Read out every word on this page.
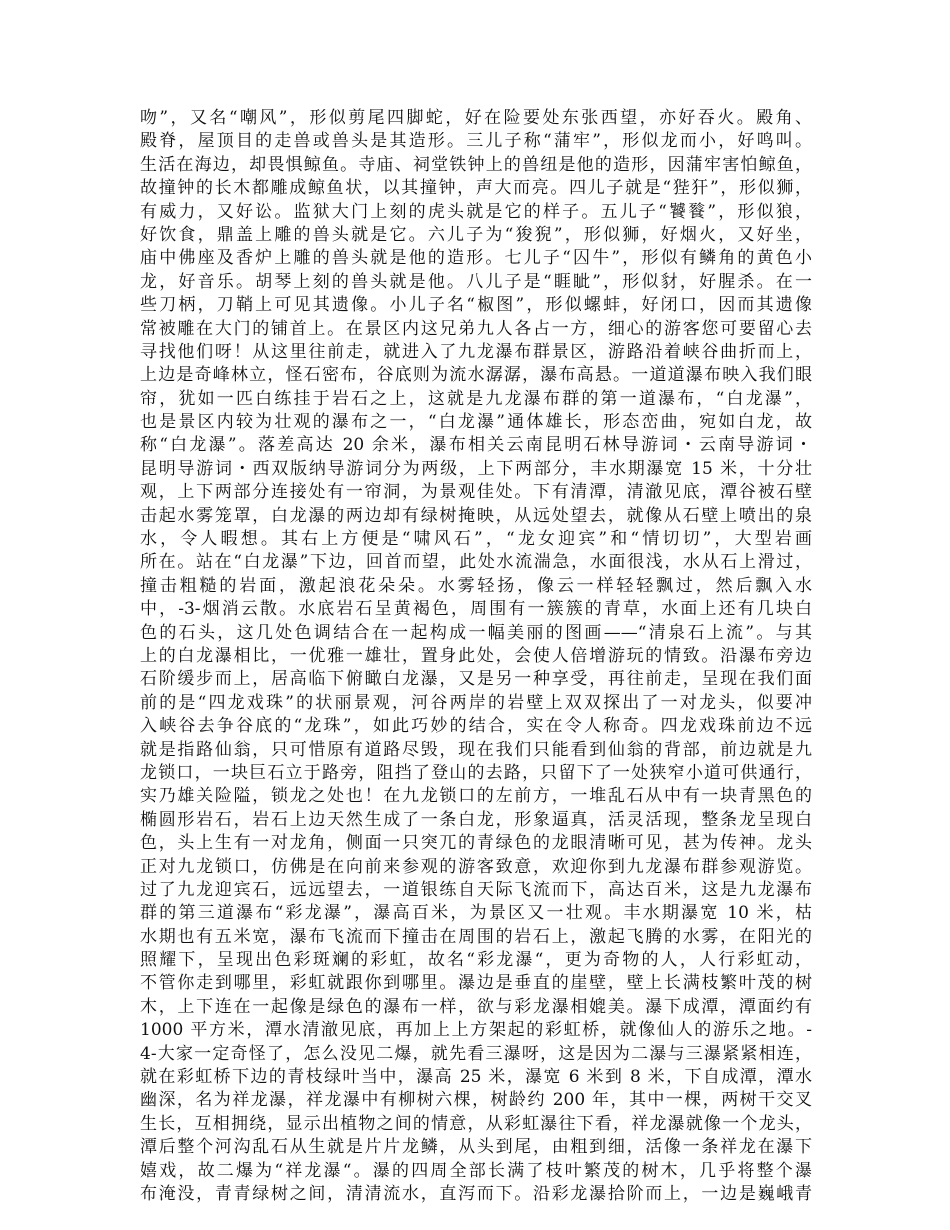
吻”，又名“嘲风”，形似剪尾四脚蛇，好在险要处东张西望，亦好吞火。殿角、
殿脊，屋顶目的走兽或兽头是其造形。三儿子称“蒲牢”，形似龙而小，好鸣叫。
生活在海边，却畏惧鲸鱼。寺庙、祠堂铁钟上的兽纽是他的造形，因蒲牢害怕鲸鱼，
故撞钟的长木都雕成鲸鱼状，以其撞钟，声大而亮。四儿子就是“狴犴”，形似狮，
有威力，又好讼。监狱大门上刻的虎头就是它的样子。五儿子“饕餮”，形似狼，
好饮食，鼎盖上雕的兽头就是它。六儿子为“狻猊”，形似狮，好烟火，又好坐，
庙中佛座及香炉上雕的兽头就是他的造形。七儿子“囚牛”，形似有鳞角的黄色小
龙，好音乐。胡琴上刻的兽头就是他。八儿子是“睚眦”，形似豺，好腥杀。在一
些刀柄，刀鞘上可见其遗像。小儿子名“椒图”，形似螺蚌，好闭口，因而其遗像
常被雕在大门的铺首上。在景区内这兄弟九人各占一方，细心的游客您可要留心去
寻找他们呀！从这里往前走，就进入了九龙瀑布群景区，游路沿着峡谷曲折而上，
上边是奇峰林立，怪石密布，谷底则为流水潺潺，瀑布高悬。一道道瀑布映入我们眼
帘，犹如一匹白练挂于岩石之上，这就是九龙瀑布群的第一道瀑布，“白龙瀑”，
也是景区内较为壮观的瀑布之一，“白龙瀑”通体雄长，形态峦曲，宛如白龙，故
称“白龙瀑”。落差高达 20 余米，瀑布相关云南昆明石林导游词・云南导游词・
昆明导游词・西双版纳导游词分为两级，上下两部分，丰水期瀑宽 15 米，十分壮
观，上下两部分连接处有一帘洞，为景观佳处。下有清潭，清澈见底，潭谷被石壁
击起水雾笼罩，白龙瀑的两边却有绿树掩映，从远处望去，就像从石壁上喷出的泉
水，令人暇想。其右上方便是“啸风石”，“龙女迎宾”和“情切切”，大型岩画
所在。站在“白龙瀑”下边，回首而望，此处水流湍急，水面很浅，水从石上滑过，
撞击粗糙的岩面，激起浪花朵朵。水雾轻扬，像云一样轻轻飘过，然后飘入水
中，-3-烟消云散。水底岩石呈黄褐色，周围有一簇簇的青草，水面上还有几块白
色的石头，这几处色调结合在一起构成一幅美丽的图画——“清泉石上流”。与其
上的白龙瀑相比，一优雅一雄壮，置身此处，会使人倍增游玩的情致。沿瀑布旁边
石阶缓步而上，居高临下俯瞰白龙瀑，又是另一种享受，再往前走，呈现在我们面
前的是“四龙戏珠”的状丽景观，河谷两岸的岩壁上双双探出了一对龙头，似要冲
入峡谷去争谷底的“龙珠”，如此巧妙的结合，实在令人称奇。四龙戏珠前边不远
就是指路仙翁，只可惜原有道路尽毁，现在我们只能看到仙翁的背部，前边就是九
龙锁口，一块巨石立于路旁，阻挡了登山的去路，只留下了一处狭窄小道可供通行，
实乃雄关险隘，锁龙之处也！在九龙锁口的左前方，一堆乱石从中有一块青黑色的
椭圆形岩石，岩石上边天然生成了一条白龙，形象逼真，活灵活现，整条龙呈现白
色，头上生有一对龙角，侧面一只突兀的青绿色的龙眼清晰可见，甚为传神。龙头
正对九龙锁口，仿佛是在向前来参观的游客致意，欢迎你到九龙瀑布群参观游览。
过了九龙迎宾石，远远望去，一道银练自天际飞流而下，高达百米，这是九龙瀑布
群的第三道瀑布“彩龙瀑”，瀑高百米，为景区又一壮观。丰水期瀑宽 10 米，枯
水期也有五米宽，瀑布飞流而下撞击在周围的岩石上，激起飞腾的水雾，在阳光的
照耀下，呈现出色彩斑斓的彩虹，故名“彩龙瀑“，更为奇物的人，人行彩虹动，
不管你走到哪里，彩虹就跟你到哪里。瀑边是垂直的崖壁，壁上长满枝繁叶茂的树
木，上下连在一起像是绿色的瀑布一样，欲与彩龙瀑相媲美。瀑下成潭，潭面约有
1000 平方米，潭水清澈见底，再加上上方架起的彩虹桥，就像仙人的游乐之地。-
4-大家一定奇怪了，怎么没见二爆，就先看三瀑呀，这是因为二瀑与三瀑紧紧相连，
就在彩虹桥下边的青枝绿叶当中，瀑高 25 米，瀑宽 6 米到 8 米，下自成潭，潭水
幽深，名为祥龙瀑，祥龙瀑中有柳树六棵，树龄约 200 年，其中一棵，两树干交叉
生长，互相拥绕，显示出植物之间的情意，从彩虹瀑往下看，祥龙瀑就像一个龙头，
潭后整个河沟乱石从生就是片片龙鳞，从头到尾，由粗到细，活像一条祥龙在瀑下
嬉戏，故二爆为“祥龙瀑“。瀑的四周全部长满了枝叶繁茂的树木，几乎将整个瀑
布淹没，青青绿树之间，清清流水，直泻而下。沿彩龙瀑拾阶而上，一边是巍峨青
